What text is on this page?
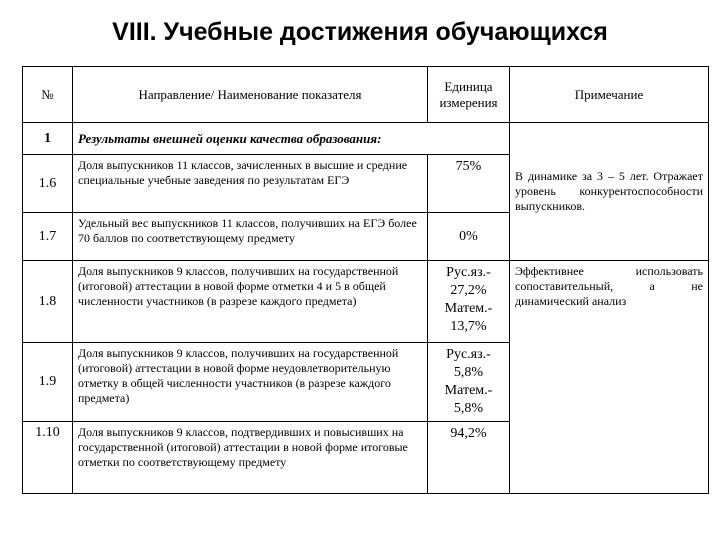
VIII. Учебные достижения обучающихся
№	Направление/ Наименование показателя	Единица измерения	Примечание
1	Результаты внешней оценки качества образования:		В динамике за 3 – 5 лет. Отражает уровень конкурентоспособности выпускников.
1.6	Доля выпускников 11 классов, зачисленных в высшие и средние специальные учебные заведения по результатам ЕГЭ	75%	
1.7	Удельный вес выпускников 11 классов, получивших на ЕГЭ более 70 баллов по соответствующему предмету	0%	
1.8	Доля выпускников 9 классов, получивших на государственной (итоговой) аттестации в новой форме отметки 4 и 5 в общей численности участников (в разрезе каждого предмета)	Рус.яз.-
27,2%
Матем.-
13,7%	Эффективнее использовать сопоставительный, а не динамический анализ
1.9	Доля выпускников 9 классов, получивших на государственной (итоговой) аттестации в новой форме неудовлетворительную отметку в общей численности участников (в разрезе каждого предмета)	Рус.яз.-
5,8%
Матем.-
5,8%	

1.10	Доля выпускников 9 классов, подтвердивших и повысивших на государственной (итоговой) аттестации в новой форме итоговые отметки по соответствующему предмету	94,2%	
